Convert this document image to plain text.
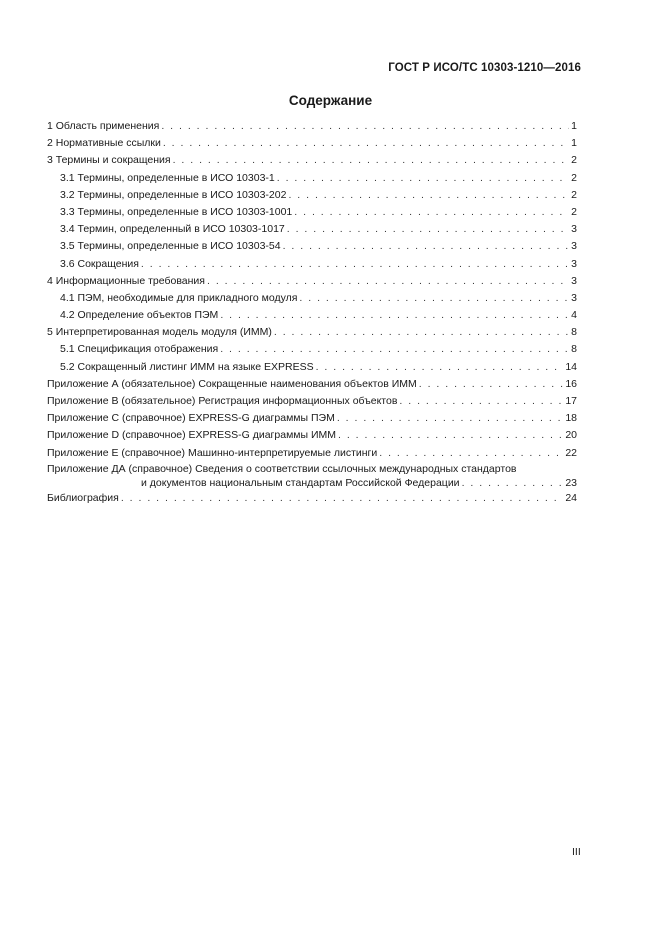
ГОСТ Р ИСО/ТС 10303-1210—2016
Содержание
1 Область применения . . .	1
2 Нормативные ссылки . . .	1
3 Термины и сокращения . . .	2
3.1 Термины, определенные в ИСО 10303-1 . . .	2
3.2 Термины, определенные в ИСО 10303-202 . . .	2
3.3 Термины, определенные в ИСО 10303-1001 . . .	2
3.4 Термин, определенный в ИСО 10303-1017 . . .	3
3.5 Термины, определенные в ИСО 10303-54 . . .	3
3.6 Сокращения . . .	3
4 Информационные требования . . .	3
4.1 ПЭМ, необходимые для прикладного модуля . . .	3
4.2 Определение объектов ПЭМ . . .	4
5 Интерпретированная модель модуля (ИММ) . . .	8
5.1 Спецификация отображения . . .	8
5.2 Сокращенный листинг ИММ на языке EXPRESS . . .	14
Приложение А (обязательное) Сокращенные наименования объектов ИММ . . .	16
Приложение В (обязательное) Регистрация информационных объектов . . .	17
Приложение С (справочное) EXPRESS-G диаграммы ПЭМ . . .	18
Приложение D (справочное) EXPRESS-G диаграммы ИММ . . .	20
Приложение E (справочное) Машинно-интерпретируемые листинги . . .	22
Приложение ДА (справочное) Сведения о соответствии ссылочных международных стандартов
и документов национальным стандартам Российской Федерации . . .	23
Библиография . . .	24
III
